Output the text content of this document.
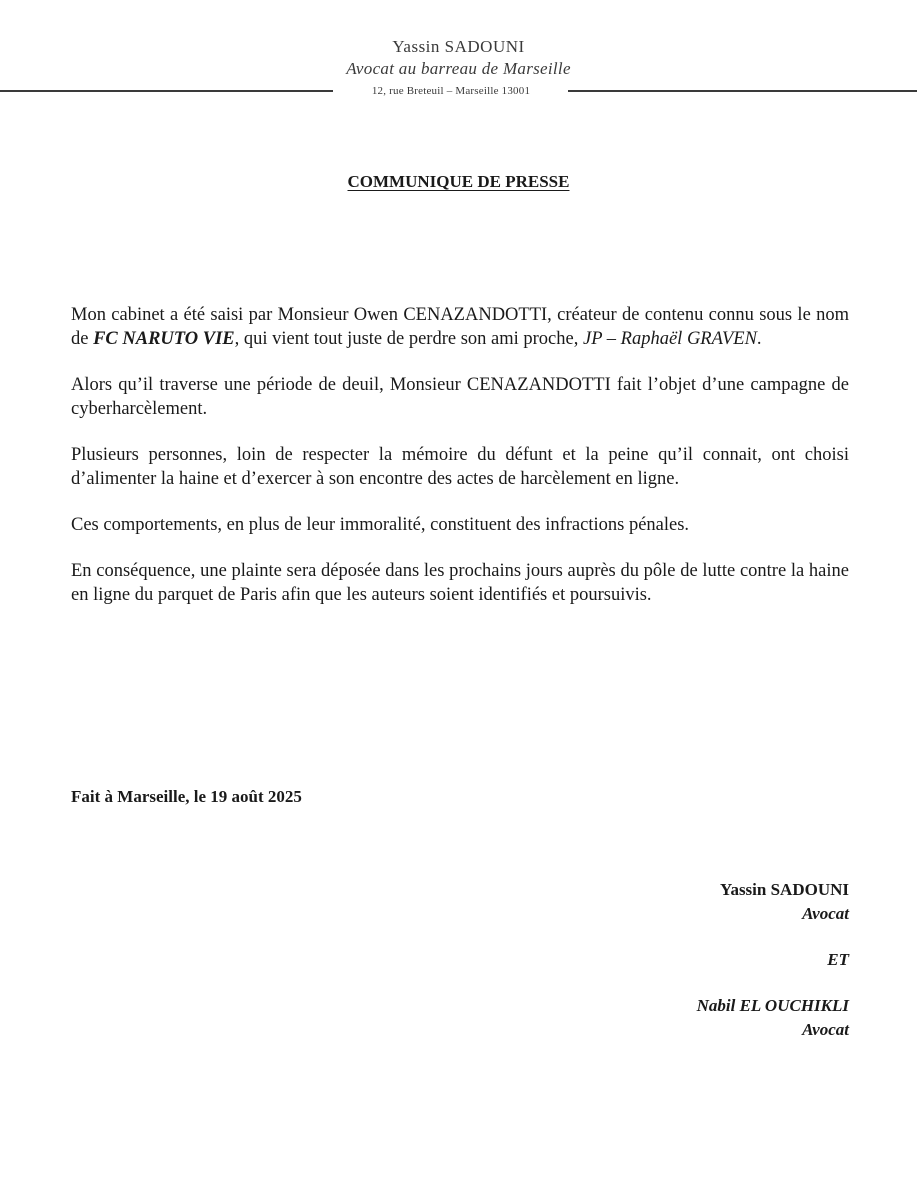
Yassin SADOUNI
Avocat au barreau de Marseille
12, rue Breteuil – Marseille 13001
COMMUNIQUE DE PRESSE

Mon cabinet a été saisi par Monsieur Owen CENAZANDOTTI, créateur de contenu connu sous le nom de FC NARUTO VIE, qui vient tout juste de perdre son ami proche, JP – Raphaël GRAVEN.

Alors qu’il traverse une période de deuil, Monsieur CENAZANDOTTI fait l’objet d’une campagne de cyberharcèlement.

Plusieurs personnes, loin de respecter la mémoire du défunt et la peine qu’il connait, ont choisi d’alimenter la haine et d’exercer à son encontre des actes de harcèlement en ligne.

Ces comportements, en plus de leur immoralité, constituent des infractions pénales.

En conséquence, une plainte sera déposée dans les prochains jours auprès du pôle de lutte contre la haine en ligne du parquet de Paris afin que les auteurs soient identifiés et poursuivis.

Fait à Marseille, le 19 août 2025
Yassin SADOUNI
Avocat
ET
Nabil EL OUCHIKLI
Avocat
